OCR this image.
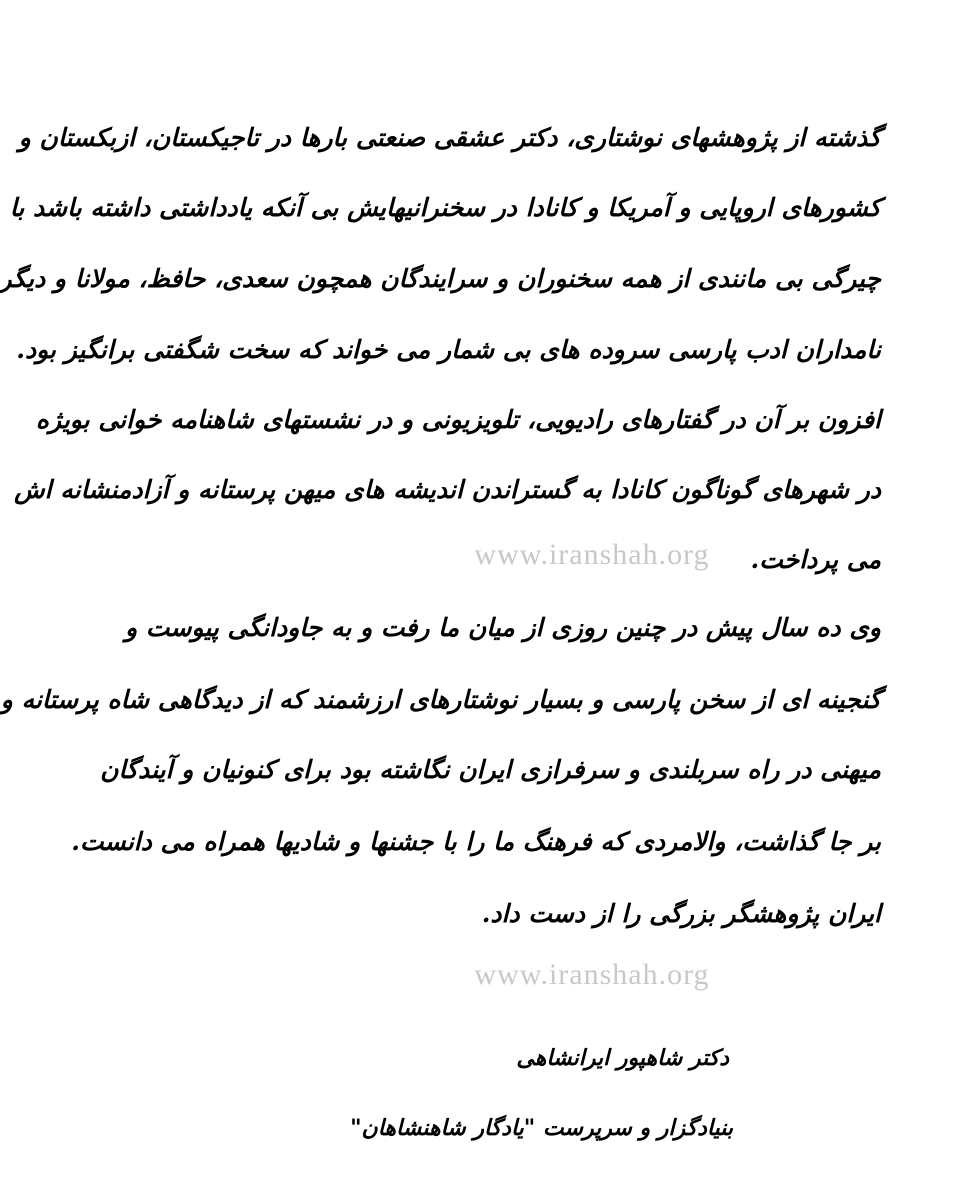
گذشته از پژوهشهای نوشتاری، دکتر عشقی صنعتی بارها در تاجیکستان، ازبکستان و
کشورهای اروپایی و آمریکا و کانادا در سخنرانیهایش بی آنکه یادداشتی داشته باشد با
چیرگی بی مانندی از همه سخنوران و سرایندگان همچون سعدی، حافظ، مولانا و دیگر
نامداران ادب پارسی سروده های بی شمار می خواند که سخت شگفتی برانگیز بود.
افزون بر آن در گفتارهای رادیویی، تلویزیونی و در نشستهای شاهنامه خوانی بویژه
در شهرهای گوناگون کانادا به گستراندن اندیشه های میهن پرستانه و آزادمنشانه اش
می پرداخت.
www.iranshah.org
وی ده سال پیش در چنین روزی از میان ما رفت و به جاودانگی پیوست و
گنجینه ای از سخن پارسی و بسیار نوشتارهای ارزشمند که از دیدگاهی شاه پرستانه و
میهنی در راه سربلندی و سرفرازی ایران نگاشته بود برای کنونیان و آیندگان
بر جا گذاشت، والامردی که فرهنگ ما را با جشنها و شادیها همراه می دانست.
ایران پژوهشگر بزرگی را از دست داد.
www.iranshah.org
دکتر شاهپور ایرانشاهی
بنیادگزار و سرپرست "یادگار شاهنشاهان"
